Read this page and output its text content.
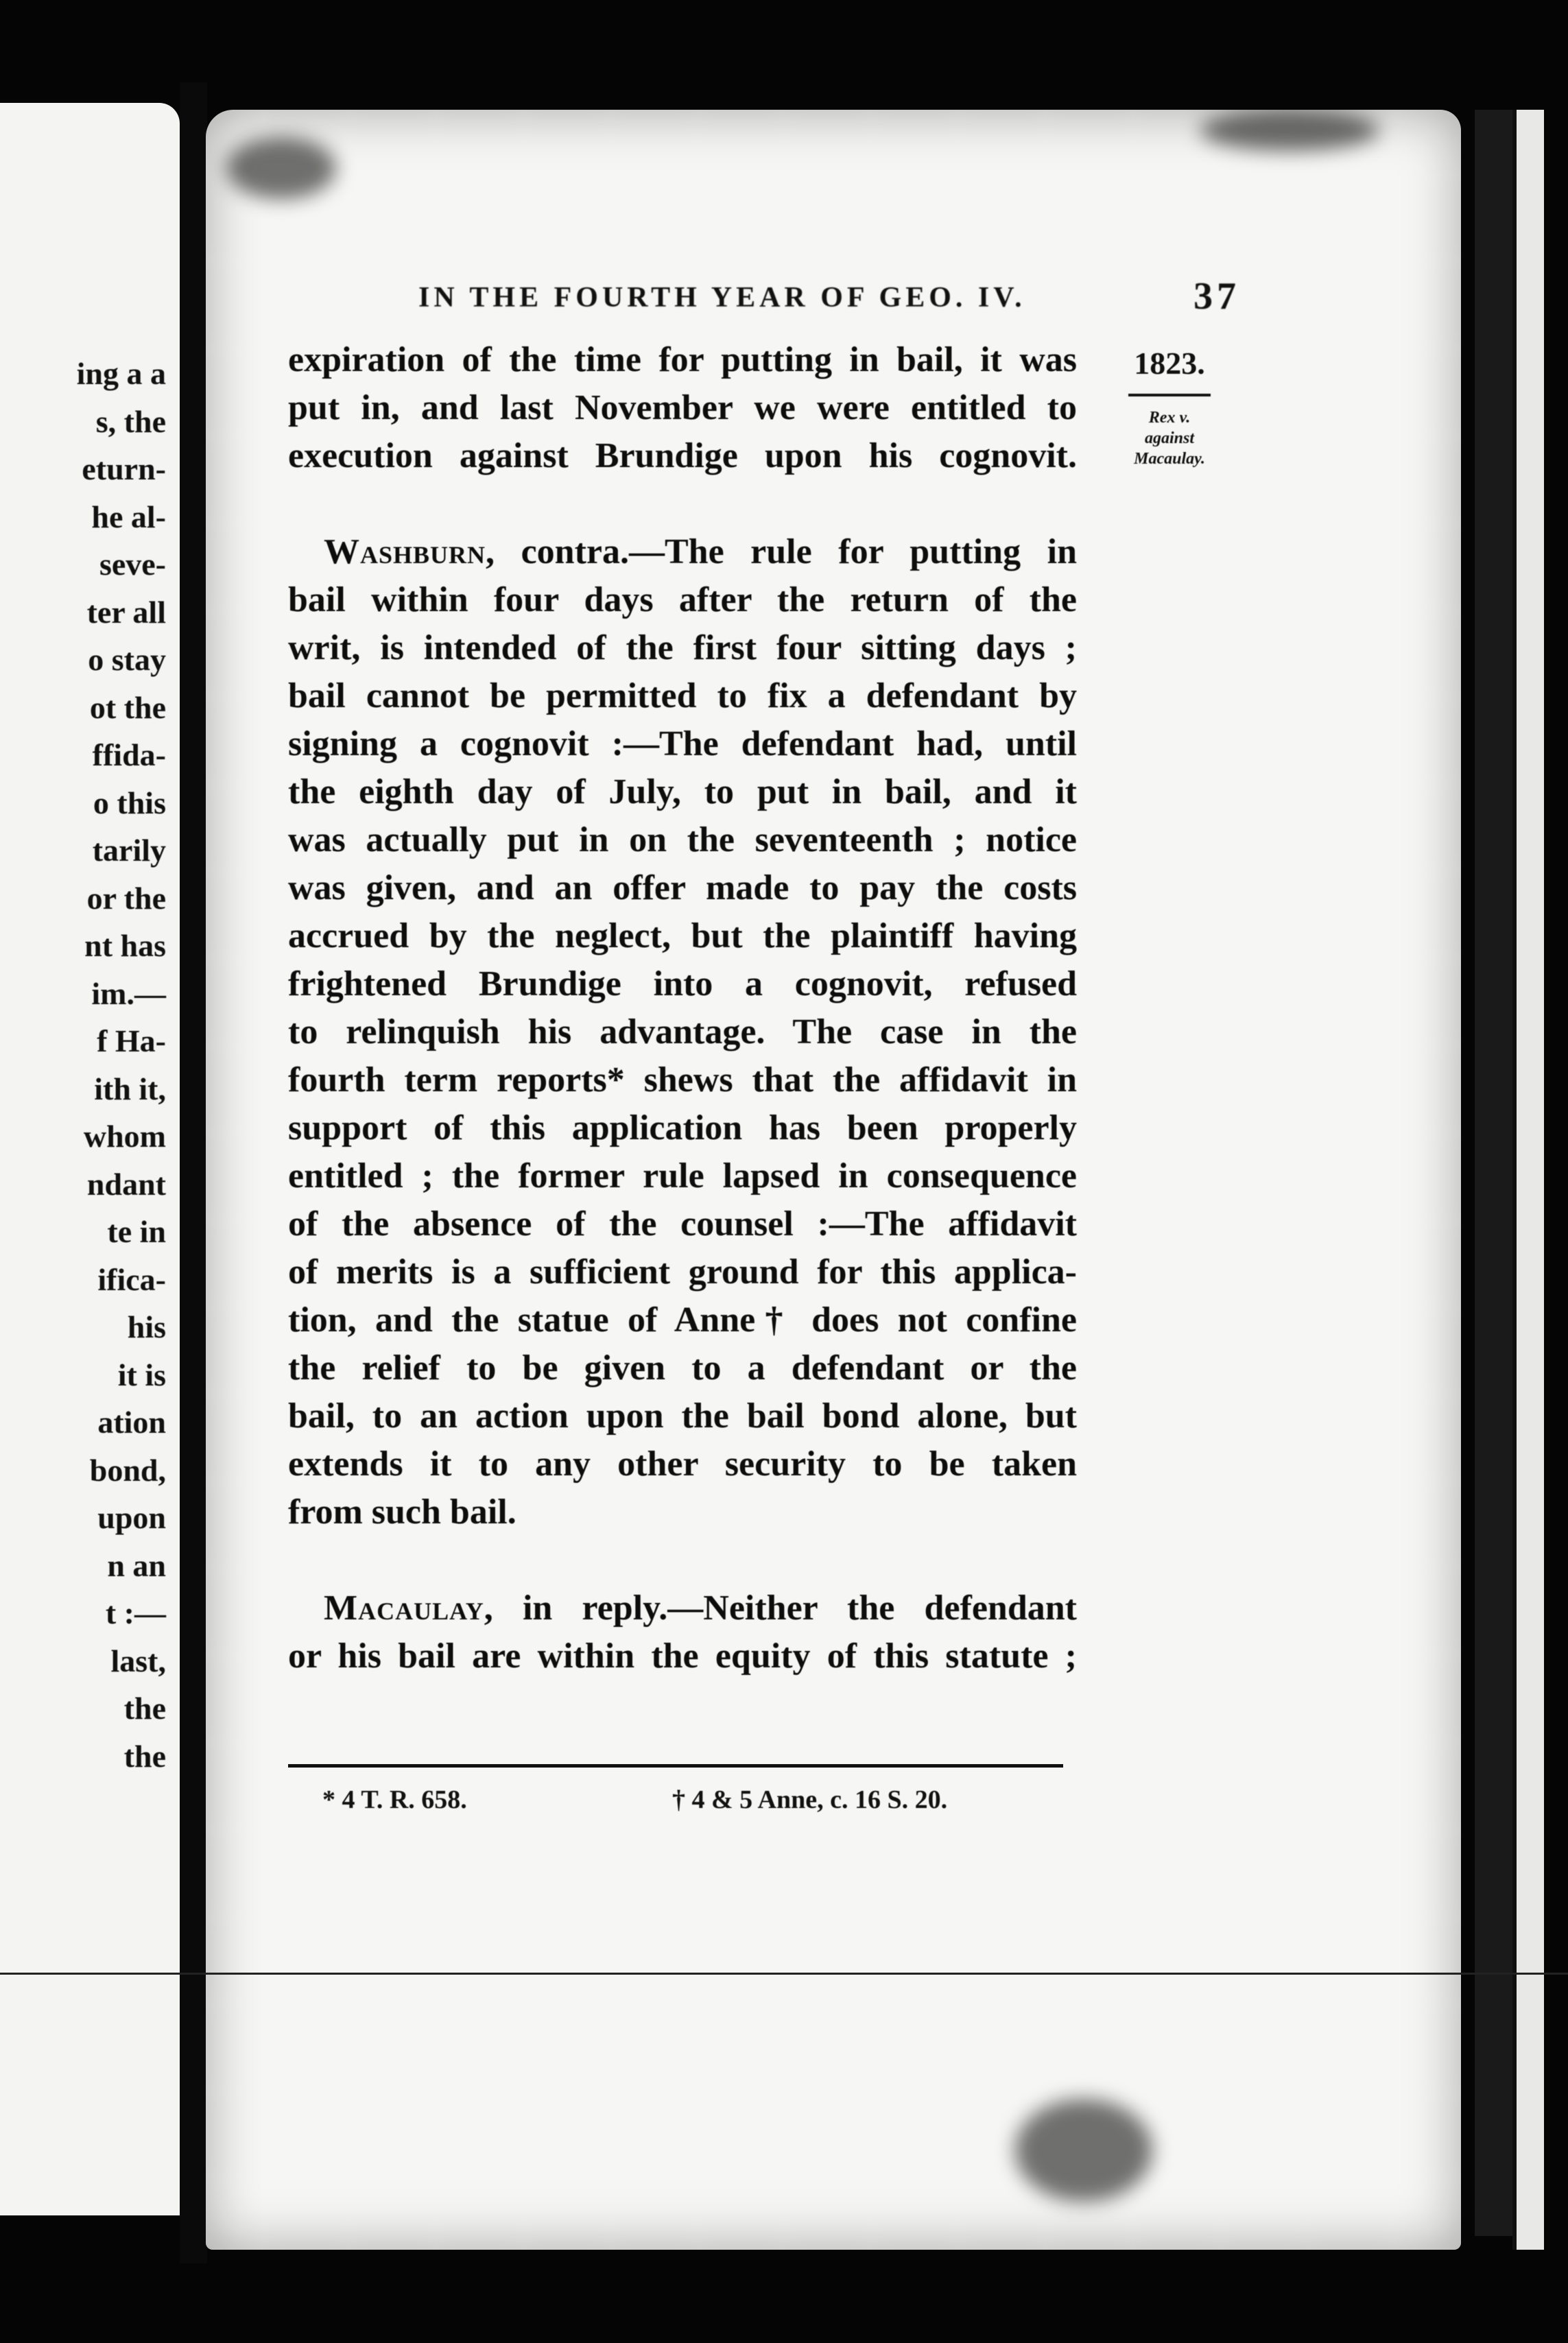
ing a a
s, the
eturn-
he al-
seve-
ter all
o stay
ot the
ffida-
o this
tarily
or the
nt has
im.—
f Ha-
ith it,
whom
ndant
te in
ifica-
his
it is
ation
bond,
upon
n an
t :—
last,
the
the
IN THE FOURTH YEAR OF GEO. IV.	37
1823.
Rex v.
against
Macaulay.

expiration of the time for putting in bail, it was

put in, and last November we were entitled to

execution against Brundige upon his cognovit.

 Washburn, contra.—The rule for putting in

bail within four days after the return of the

writ, is intended of the first four sitting days ;

bail cannot be permitted to fix a defendant by

signing a cognovit :—The defendant had, until

the eighth day of July, to put in bail, and it

was actually put in on the seventeenth ; notice

was given, and an offer made to pay the costs

accrued by the neglect, but the plaintiff having

frightened Brundige into a cognovit, refused

to relinquish his advantage. The case in the

fourth term reports* shews that the affidavit in

support of this application has been properly

entitled ; the former rule lapsed in consequence

of the absence of the counsel :—The affidavit

of merits is a sufficient ground for this applica-

tion, and the statue of Anne† does not confine

the relief to be given to a defendant or the

bail, to an action upon the bail bond alone, but

extends it to any other security to be taken

from such bail.

 Macaulay, in reply.—Neither the defendant

or his bail are within the equity of this statute ;

* 4 T. R. 658.	† 4 & 5 Anne, c. 16 S. 20.
